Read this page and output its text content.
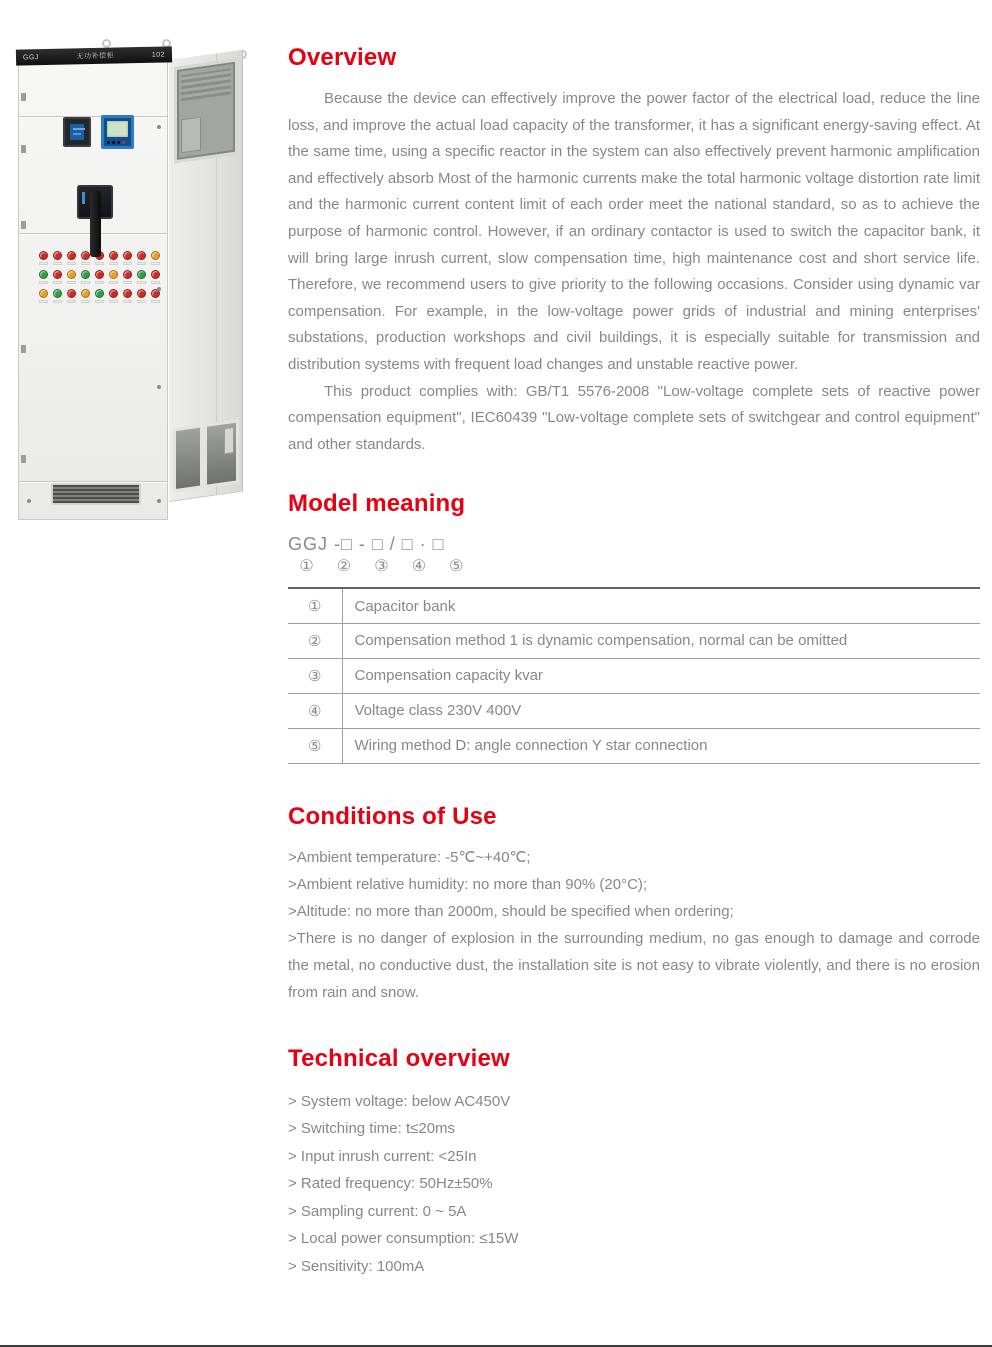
GGJ	无功补偿柜	102	Overview

Because the device can effectively improve the power factor of the electrical load, reduce the line loss, and improve the actual load capacity of the transformer, it has a significant energy-saving effect. At the same time, using a specific reactor in the system can also effectively prevent harmonic amplification and effectively absorb Most of the harmonic currents make the total harmonic voltage distortion rate limit and the harmonic current content limit of each order meet the national standard, so as to achieve the purpose of harmonic control. However, if an ordinary contactor is used to switch the capacitor bank, it will bring large inrush current, slow compensation time, high maintenance cost and short service life. Therefore, we recommend users to give priority to the following occasions. Consider using dynamic var compensation. For example, in the low-voltage power grids of industrial and mining enterprises' substations, production workshops and civil buildings, it is especially suitable for transmission and distribution systems with frequent load changes and unstable reactive power.

This product complies with: GB/T1 5576-2008 "Low-voltage complete sets of reactive power compensation equipment", IEC60439 "Low-voltage complete sets of switchgear and control equipment" and other standards.

Model meaning
GGJ -□ - □ / □ · □
① ② ③ ④ ⑤
①	Capacitor bank
②	Compensation method 1 is dynamic compensation, normal can be omitted
③	Compensation capacity kvar
④	Voltage class 230V 400V
⑤	Wiring method D: angle connection Y star connection
Conditions of Use
>Ambient temperature: -5℃~+40℃;
>Ambient relative humidity: no more than 90% (20°C);
>Altitude: no more than 2000m, should be specified when ordering;
>There is no danger of explosion in the surrounding medium, no gas enough to damage and corrode the metal, no conductive dust, the installation site is not easy to vibrate violently, and there is no erosion from rain and snow.
Technical overview
> System voltage: below AC450V
> Switching time: t≤20ms
> Input inrush current: <25In
> Rated frequency: 50Hz±50%
> Sampling current: 0 ~ 5A
> Local power consumption: ≤15W
> Sensitivity: 100mA
